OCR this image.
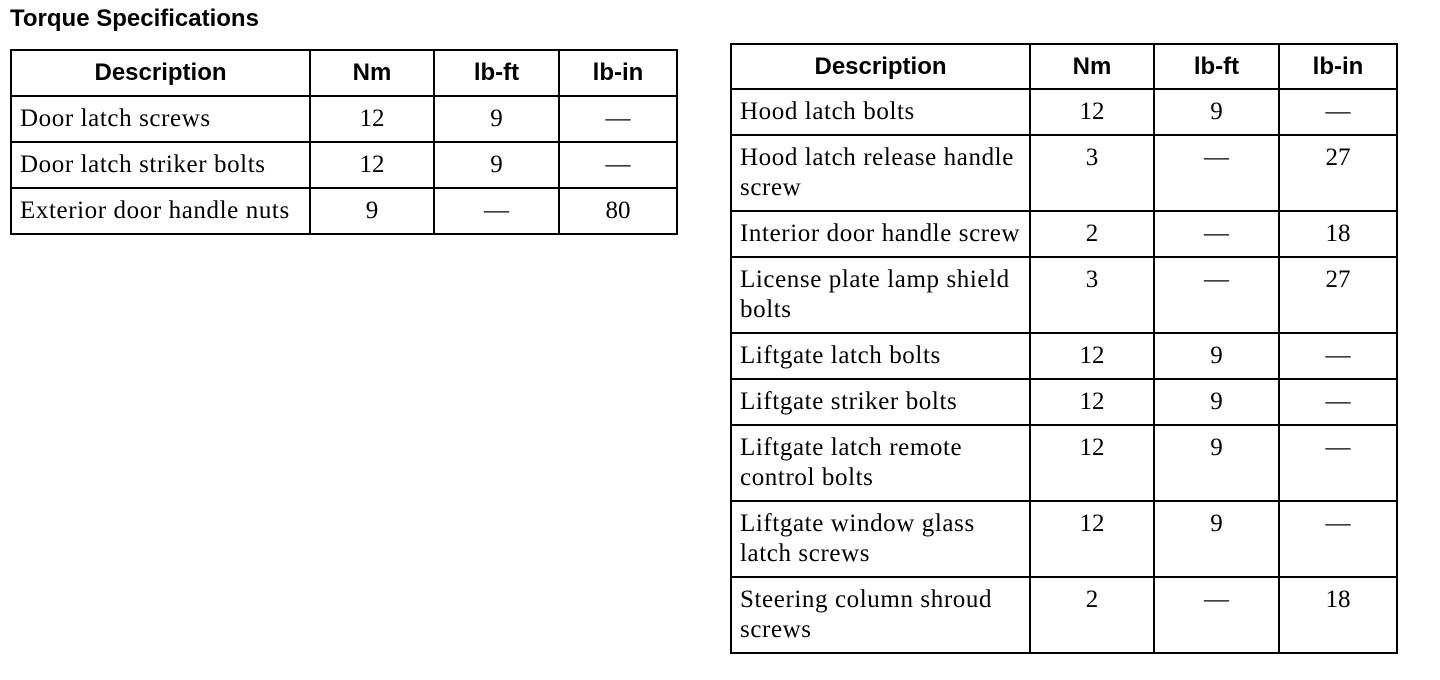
Torque Specifications
Description	Nm	lb-ft	lb-in
Door latch screws	12	9	—
Door latch striker bolts	12	9	—
Exterior door handle nuts	9	—	80
Description	Nm	lb-ft	lb-in
Hood latch bolts	12	9	—
Hood latch release handle screw	3	—	27
Interior door handle screw	2	—	18
License plate lamp shield bolts	3	—	27
Liftgate latch bolts	12	9	—
Liftgate striker bolts	12	9	—
Liftgate latch remote control bolts	12	9	—
Liftgate window glass latch screws	12	9	—
Steering column shroud screws	2	—	18
